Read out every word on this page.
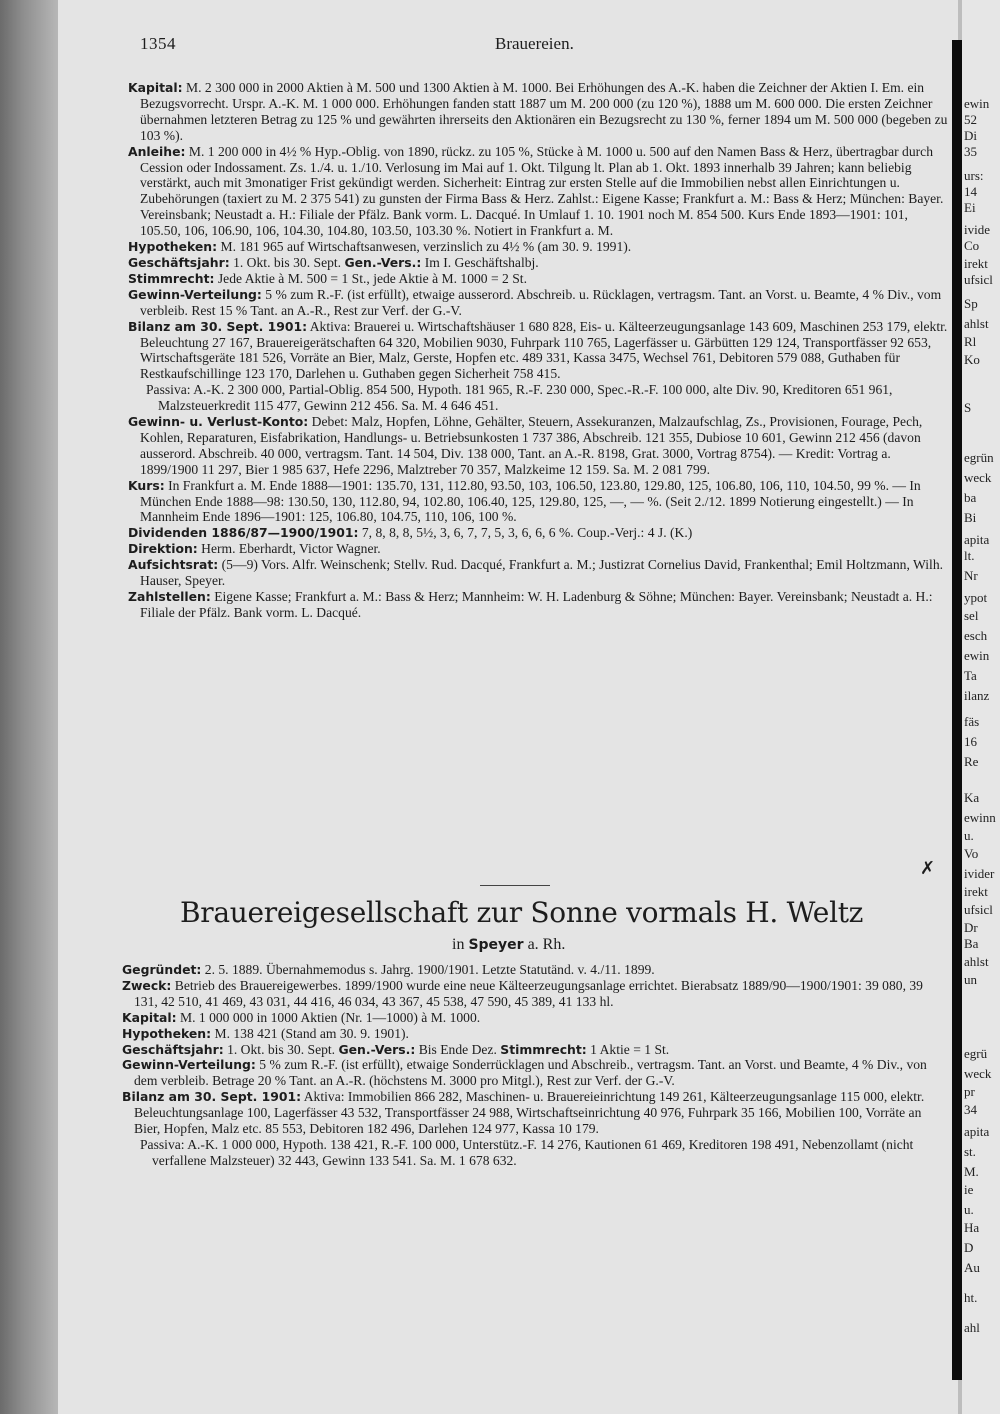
1354	Brauereien.

Kapital: M. 2 300 000 in 2000 Aktien à M. 500 und 1300 Aktien à M. 1000. Bei Erhöhungen des A.-K. haben die Zeichner der Aktien I. Em. ein Bezugsvorrecht. Urspr. A.-K. M. 1 000 000. Erhöhungen fanden statt 1887 um M. 200 000 (zu 120 %), 1888 um M. 600 000. Die ersten Zeichner übernahmen letzteren Betrag zu 125 % und gewährten ihrerseits den Aktionären ein Bezugsrecht zu 130 %, ferner 1894 um M. 500 000 (begeben zu 103 %).

Anleihe: M. 1 200 000 in 4½ % Hyp.-Oblig. von 1890, rückz. zu 105 %, Stücke à M. 1000 u. 500 auf den Namen Bass & Herz, übertragbar durch Cession oder Indossament. Zs. 1./4. u. 1./10. Verlosung im Mai auf 1. Okt. Tilgung lt. Plan ab 1. Okt. 1893 innerhalb 39 Jahren; kann beliebig verstärkt, auch mit 3monatiger Frist gekündigt werden. Sicherheit: Eintrag zur ersten Stelle auf die Immobilien nebst allen Einrichtungen u. Zubehörungen (taxiert zu M. 2 375 541) zu gunsten der Firma Bass & Herz. Zahlst.: Eigene Kasse; Frankfurt a. M.: Bass & Herz; München: Bayer. Vereinsbank; Neustadt a. H.: Filiale der Pfälz. Bank vorm. L. Dacqué. In Umlauf 1. 10. 1901 noch M. 854 500. Kurs Ende 1893—1901: 101, 105.50, 106, 106.90, 106, 104.30, 104.80, 103.50, 103.30 %. Notiert in Frankfurt a. M.

Hypotheken: M. 181 965 auf Wirtschaftsanwesen, verzinslich zu 4½ % (am 30. 9. 1991).

Geschäftsjahr: 1. Okt. bis 30. Sept. Gen.-Vers.: Im I. Geschäftshalbj.

Stimmrecht: Jede Aktie à M. 500 = 1 St., jede Aktie à M. 1000 = 2 St.

Gewinn-Verteilung: 5 % zum R.-F. (ist erfüllt), etwaige ausserord. Abschreib. u. Rücklagen, vertragsm. Tant. an Vorst. u. Beamte, 4 % Div., vom verbleib. Rest 15 % Tant. an A.-R., Rest zur Verf. der G.-V.

Bilanz am 30. Sept. 1901: Aktiva: Brauerei u. Wirtschaftshäuser 1 680 828, Eis- u. Kälteerzeugungsanlage 143 609, Maschinen 253 179, elektr. Beleuchtung 27 167, Brauereigerätschaften 64 320, Mobilien 9030, Fuhrpark 110 765, Lagerfässer u. Gärbütten 129 124, Transportfässer 92 653, Wirtschaftsgeräte 181 526, Vorräte an Bier, Malz, Gerste, Hopfen etc. 489 331, Kassa 3475, Wechsel 761, Debitoren 579 088, Guthaben für Restkaufschillinge 123 170, Darlehen u. Guthaben gegen Sicherheit 758 415.

Passiva: A.-K. 2 300 000, Partial-Oblig. 854 500, Hypoth. 181 965, R.-F. 230 000, Spec.-R.-F. 100 000, alte Div. 90, Kreditoren 651 961, Malzsteuerkredit 115 477, Gewinn 212 456. Sa. M. 4 646 451.

Gewinn- u. Verlust-Konto: Debet: Malz, Hopfen, Löhne, Gehälter, Steuern, Assekuranzen, Malzaufschlag, Zs., Provisionen, Fourage, Pech, Kohlen, Reparaturen, Eisfabrikation, Handlungs- u. Betriebsunkosten 1 737 386, Abschreib. 121 355, Dubiose 10 601, Gewinn 212 456 (davon ausserord. Abschreib. 40 000, vertragsm. Tant. 14 504, Div. 138 000, Tant. an A.-R. 8198, Grat. 3000, Vortrag 8754). — Kredit: Vortrag a. 1899/1900 11 297, Bier 1 985 637, Hefe 2296, Malztreber 70 357, Malzkeime 12 159. Sa. M. 2 081 799.

Kurs: In Frankfurt a. M. Ende 1888—1901: 135.70, 131, 112.80, 93.50, 103, 106.50, 123.80, 129.80, 125, 106.80, 106, 110, 104.50, 99 %. — In München Ende 1888—98: 130.50, 130, 112.80, 94, 102.80, 106.40, 125, 129.80, 125, —, — %. (Seit 2./12. 1899 Notierung eingestellt.) — In Mannheim Ende 1896—1901: 125, 106.80, 104.75, 110, 106, 100 %.

Dividenden 1886/87—1900/1901: 7, 8, 8, 8, 5½, 3, 6, 7, 7, 5, 3, 6, 6, 6 %. Coup.-Verj.: 4 J. (K.)

Direktion: Herm. Eberhardt, Victor Wagner.

Aufsichtsrat: (5—9) Vors. Alfr. Weinschenk; Stellv. Rud. Dacqué, Frankfurt a. M.; Justizrat Cornelius David, Frankenthal; Emil Holtzmann, Wilh. Hauser, Speyer.

Zahlstellen: Eigene Kasse; Frankfurt a. M.: Bass & Herz; Mannheim: W. H. Ladenburg & Söhne; München: Bayer. Vereinsbank; Neustadt a. H.: Filiale der Pfälz. Bank vorm. L. Dacqué.

✗
Brauereigesellschaft zur Sonne vormals H. Weltz
in Speyer a. Rh.

Gegründet: 2. 5. 1889. Übernahmemodus s. Jahrg. 1900/1901. Letzte Statutänd. v. 4./11. 1899.

Zweck: Betrieb des Brauereigewerbes. 1899/1900 wurde eine neue Kälteerzeugungsanlage errichtet. Bierabsatz 1889/90—1900/1901: 39 080, 39 131, 42 510, 41 469, 43 031, 44 416, 46 034, 43 367, 45 538, 47 590, 45 389, 41 133 hl.

Kapital: M. 1 000 000 in 1000 Aktien (Nr. 1—1000) à M. 1000.

Hypotheken: M. 138 421 (Stand am 30. 9. 1901).

Geschäftsjahr: 1. Okt. bis 30. Sept. Gen.-Vers.: Bis Ende Dez. Stimmrecht: 1 Aktie = 1 St.

Gewinn-Verteilung: 5 % zum R.-F. (ist erfüllt), etwaige Sonderrücklagen und Abschreib., vertragsm. Tant. an Vorst. und Beamte, 4 % Div., von dem verbleib. Betrage 20 % Tant. an A.-R. (höchstens M. 3000 pro Mitgl.), Rest zur Verf. der G.-V.

Bilanz am 30. Sept. 1901: Aktiva: Immobilien 866 282, Maschinen- u. Brauereieinrichtung 149 261, Kälteerzeugungsanlage 115 000, elektr. Beleuchtungsanlage 100, Lagerfässer 43 532, Transportfässer 24 988, Wirtschaftseinrichtung 40 976, Fuhrpark 35 166, Mobilien 100, Vorräte an Bier, Hopfen, Malz etc. 85 553, Debitoren 182 496, Darlehen 124 977, Kassa 10 179.

Passiva: A.-K. 1 000 000, Hypoth. 138 421, R.-F. 100 000, Unterstütz.-F. 14 276, Kautionen 61 469, Kreditoren 198 491, Nebenzollamt (nicht verfallene Malzsteuer) 32 443, Gewinn 133 541. Sa. M. 1 678 632.

ewin
52
Di
35
urs:
14
Ei
ivide
Co
irekt
ufsicl
Sp
ahlst
Rl
Ko
S
egrün
weck
ba
Bi
apita
lt.
Nr
ypot
sel
esch
ewin
Ta
ilanz
fäs
16
Re
Ka
ewinn
u.
Vo
ivider
irekt
ufsicl
Dr
Ba
ahlst
un
egrü
weck
pr
34
apita
st.
M.
ie
u.
Ha
D
Au
ht.
ahl
